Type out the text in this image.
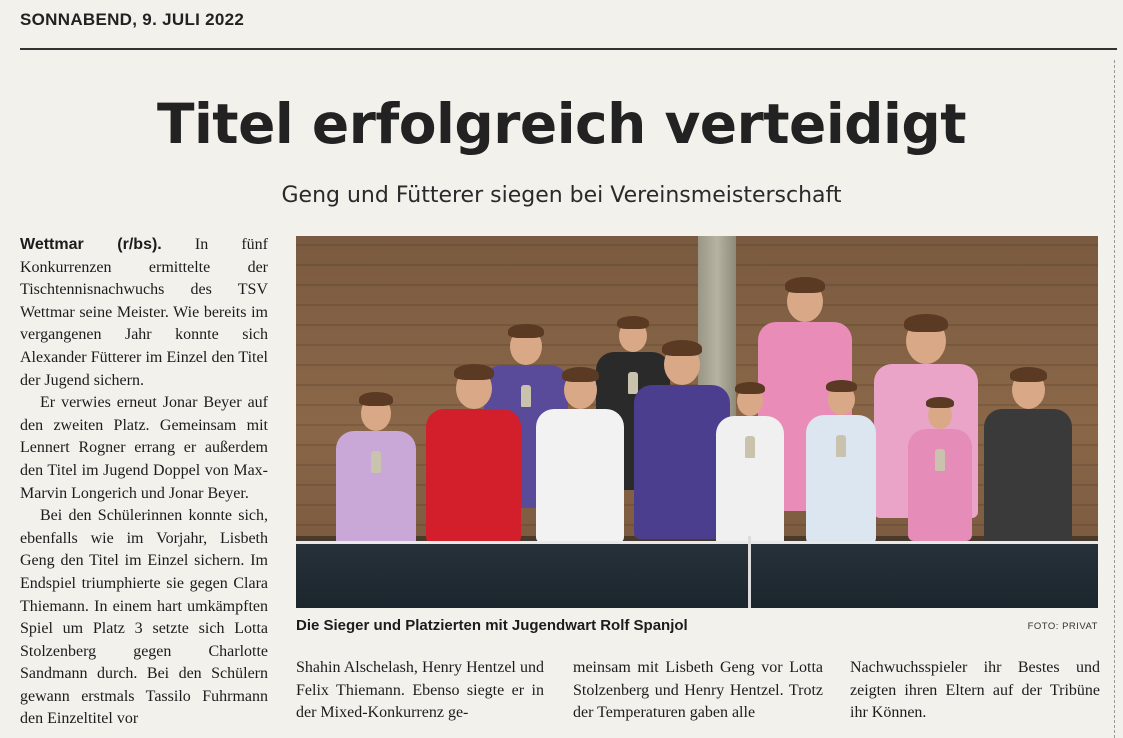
SONNABEND, 9. JULI 2022
Titel erfolgreich verteidigt
Geng und Fütterer siegen bei Vereinsmeisterschaft

Wettmar (r/bs). In fünf Konkurrenzen ermittelte der Tischtennisnachwuchs des TSV Wettmar seine Meister. Wie bereits im vergangenen Jahr konnte sich Alexander Fütterer im Einzel den Titel der Jugend sichern.

Er verwies erneut Jonar Beyer auf den zweiten Platz. Gemeinsam mit Lennert Rogner errang er außerdem den Titel im Jugend Doppel von Max-Marvin Longerich und Jonar Beyer.

Bei den Schülerinnen konnte sich, ebenfalls wie im Vorjahr, Lisbeth Geng den Titel im Einzel sichern. Im Endspiel triumphierte sie gegen Clara Thiemann. In einem hart umkämpften Spiel um Platz 3 setzte sich Lotta Stolzenberg gegen Charlotte Sandmann durch. Bei den Schülern gewann erstmals Tassilo Fuhrmann den Einzeltitel vor

Die Sieger und Platzierten mit Jugendwart Rolf Spanjol	FOTO: PRIVAT
Shahin Alschelash, Henry Hentzel und Felix Thiemann. Ebenso siegte er in der Mixed-Konkurrenz ge-
meinsam mit Lisbeth Geng vor Lotta Stolzenberg und Henry Hentzel. Trotz der Temperaturen gaben alle
Nachwuchsspieler ihr Bestes und zeigten ihren Eltern auf der Tribüne ihr Können.
